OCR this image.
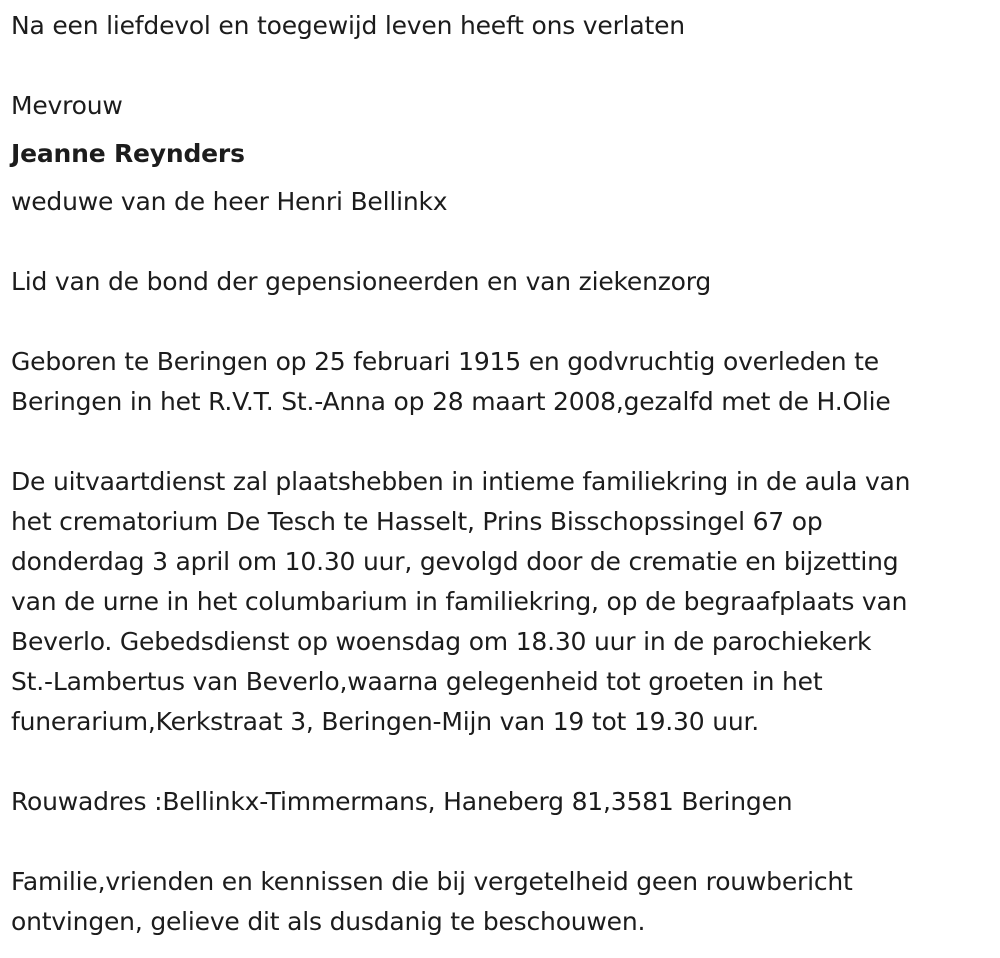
Na een liefdevol en toegewijd leven heeft ons verlaten

Mevrouw

Jeanne Reynders

weduwe van de heer Henri Bellinkx

Lid van de bond der gepensioneerden en van ziekenzorg

Geboren te Beringen op 25 februari 1915 en godvruchtig overleden te
Beringen in het R.V.T. St.-Anna op 28 maart 2008,gezalfd met de H.Olie

De uitvaartdienst zal plaatshebben in intieme familiekring in de aula van
het crematorium De Tesch te Hasselt, Prins Bisschopssingel 67 op
donderdag 3 april om 10.30 uur, gevolgd door de crematie en bijzetting
van de urne in het columbarium in familiekring, op de begraafplaats van
Beverlo. Gebedsdienst op woensdag om 18.30 uur in de parochiekerk
St.-Lambertus van Beverlo,waarna gelegenheid tot groeten in het
funerarium,Kerkstraat 3, Beringen-Mijn van 19 tot 19.30 uur.

Rouwadres :Bellinkx-Timmermans, Haneberg 81,3581 Beringen

Familie,vrienden en kennissen die bij vergetelheid geen rouwbericht
ontvingen, gelieve dit als dusdanig te beschouwen.
